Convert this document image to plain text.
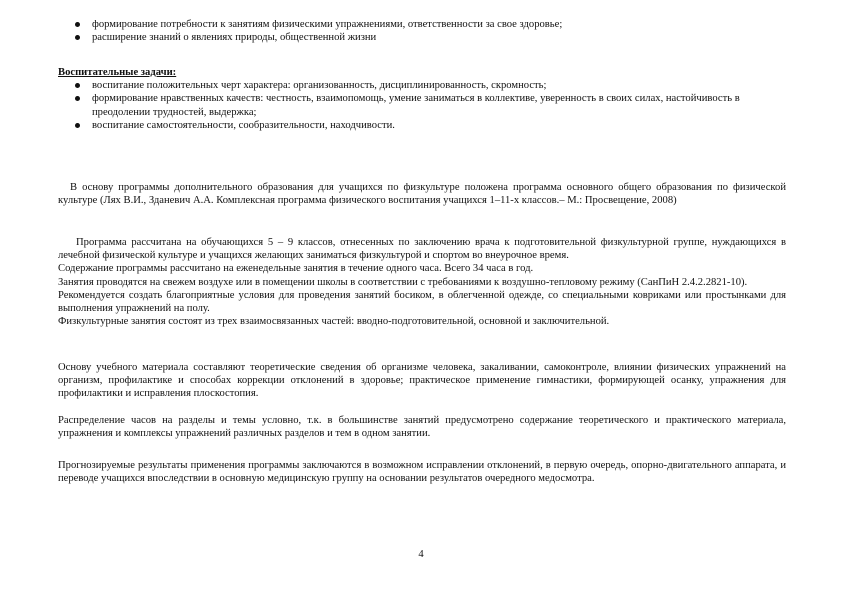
формирование потребности к занятиям физическими упражнениями, ответственности за свое здоровье;
расширение знаний о явлениях природы, общественной жизни
Воспитательные задачи:
воспитание положительных черт характера: организованность, дисциплинированность, скромность;
формирование нравственных качеств: честность, взаимопомощь, умение заниматься в коллективе, уверенность в своих силах, настойчивость в преодолении трудностей, выдержка;
воспитание самостоятельности, сообразительности, находчивости.

В основу программы дополнительного образования для учащихся по физкультуре положена программа основного общего образования по физической культуре (Лях В.И., Зданевич А.А. Комплексная программа физического воспитания учащихся 1–11-х классов.– М.: Просвещение, 2008)

Программа рассчитана на обучающихся 5 – 9 классов, отнесенных по заключению врача к подготовительной физкультурной группе, нуждающихся в лечебной физической культуре и учащихся желающих заниматься физкультурой и спортом во внеурочное время.

Содержание программы рассчитано на еженедельные занятия в течение одного часа. Всего 34 часа в год.

Занятия проводятся на свежем воздухе или в помещении школы в соответствии с требованиями к воздушно-тепловому режиму (СанПиН 2.4.2.2821-10).

Рекомендуется создать благоприятные условия для проведения занятий босиком, в облегченной одежде, со специальными ковриками или простынками для выполнения упражнений на полу.

Физкультурные занятия состоят из трех взаимосвязанных частей: вводно-подготовительной, основной и заключительной.

Основу учебного материала составляют теоретические сведения об организме человека, закаливании, самоконтроле, влиянии физических упражнений на организм, профилактике и способах коррекции отклонений в здоровье; практическое применение гимнастики, формирующей осанку, упражнения для профилактики и исправления плоскостопия.

Распределение часов на разделы и темы условно, т.к. в большинстве занятий предусмотрено содержание теоретического и практического материала, упражнения и комплексы упражнений различных разделов и тем в одном занятии.

Прогнозируемые результаты применения программы заключаются в возможном исправлении отклонений, в первую очередь, опорно-двигательного аппарата, и переводе учащихся впоследствии в основную медицинскую группу на основании результатов очередного медосмотра.

4
